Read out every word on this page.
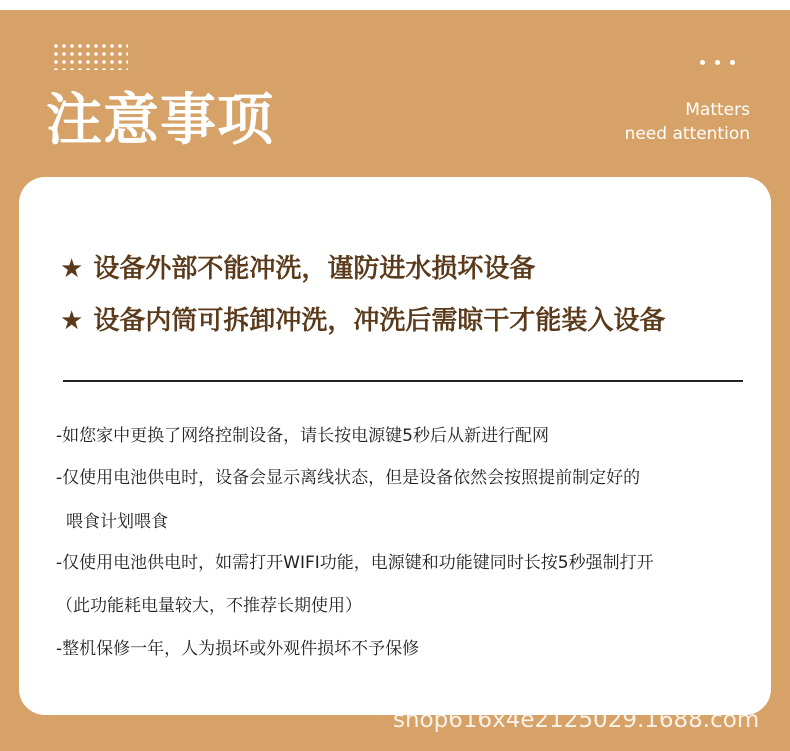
注意事项	Matters
need attention
★ 设备外部不能冲洗，谨防进水损坏设备
★ 设备内筒可拆卸冲洗，冲洗后需晾干才能装入设备
-如您家中更换了网络控制设备，请长按电源键5秒后从新进行配网
-仅使用电池供电时，设备会显示离线状态，但是设备依然会按照提前制定好的
喂食计划喂食
-仅使用电池供电时，如需打开WIFI功能，电源键和功能键同时长按5秒强制打开
（此功能耗电量较大，不推荐长期使用）
-整机保修一年，人为损坏或外观件损坏不予保修
shop616x4e2125029.1688.com
